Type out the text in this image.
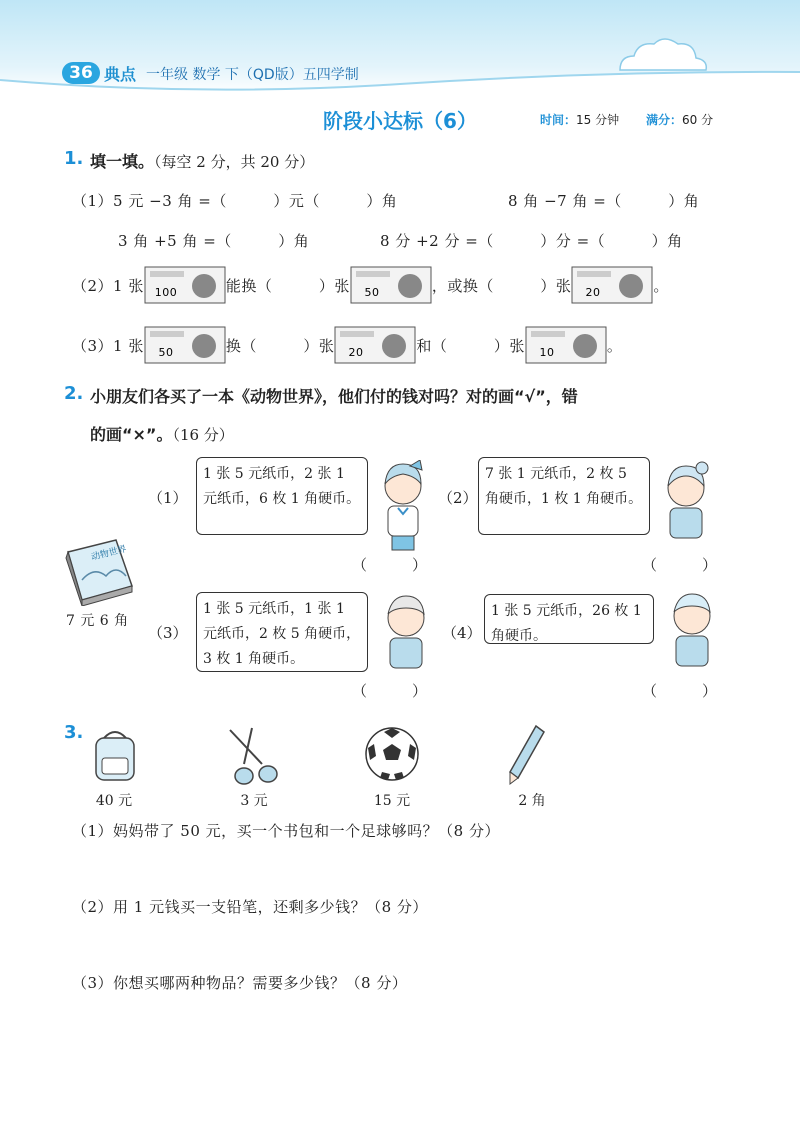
36 典点 一年级 数学 下（QD版）五四学制
阶段小达标（6）	时间：15 分钟 满分：60 分
1. 填一填。（每空 2 分，共 20 分）
（1）5 元 −3 角 =（　　　）元（　　　）角	8 角 −7 角 =（　　　）角
3 角 +5 角 =（　　　）角	8 分 +2 分 =（　　　）分 =（　　　）角
（2）1 张 100	能换（　　　）张 50	，或换（　　　）张 20	。
（3）1 张 50	换（　　　）张 20	和（　　　）张 10	。
2. 小朋友们各买了一本《动物世界》，他们付的钱对吗？对的画“√”，错
的画“×”。（16 分）
动物世界
7 元 6 角
（1）
1 张 5 元纸币，2 张 1 元纸币，6 枚 1 角硬币。
（　　　）
（2）
7 张 1 元纸币，2 枚 5 角硬币，1 枚 1 角硬币。
（　　　）
（3）
1 张 5 元纸币，1 张 1 元纸币，2 枚 5 角硬币，3 枚 1 角硬币。
（　　　）
（4）
1 张 5 元纸币，26 枚 1 角硬币。
（　　　）
3.
40 元	3 元	15 元	2 角
（1）妈妈带了 50 元，买一个书包和一个足球够吗？（8 分）
（2）用 1 元钱买一支铅笔，还剩多少钱？（8 分）
（3）你想买哪两种物品？需要多少钱？（8 分）
